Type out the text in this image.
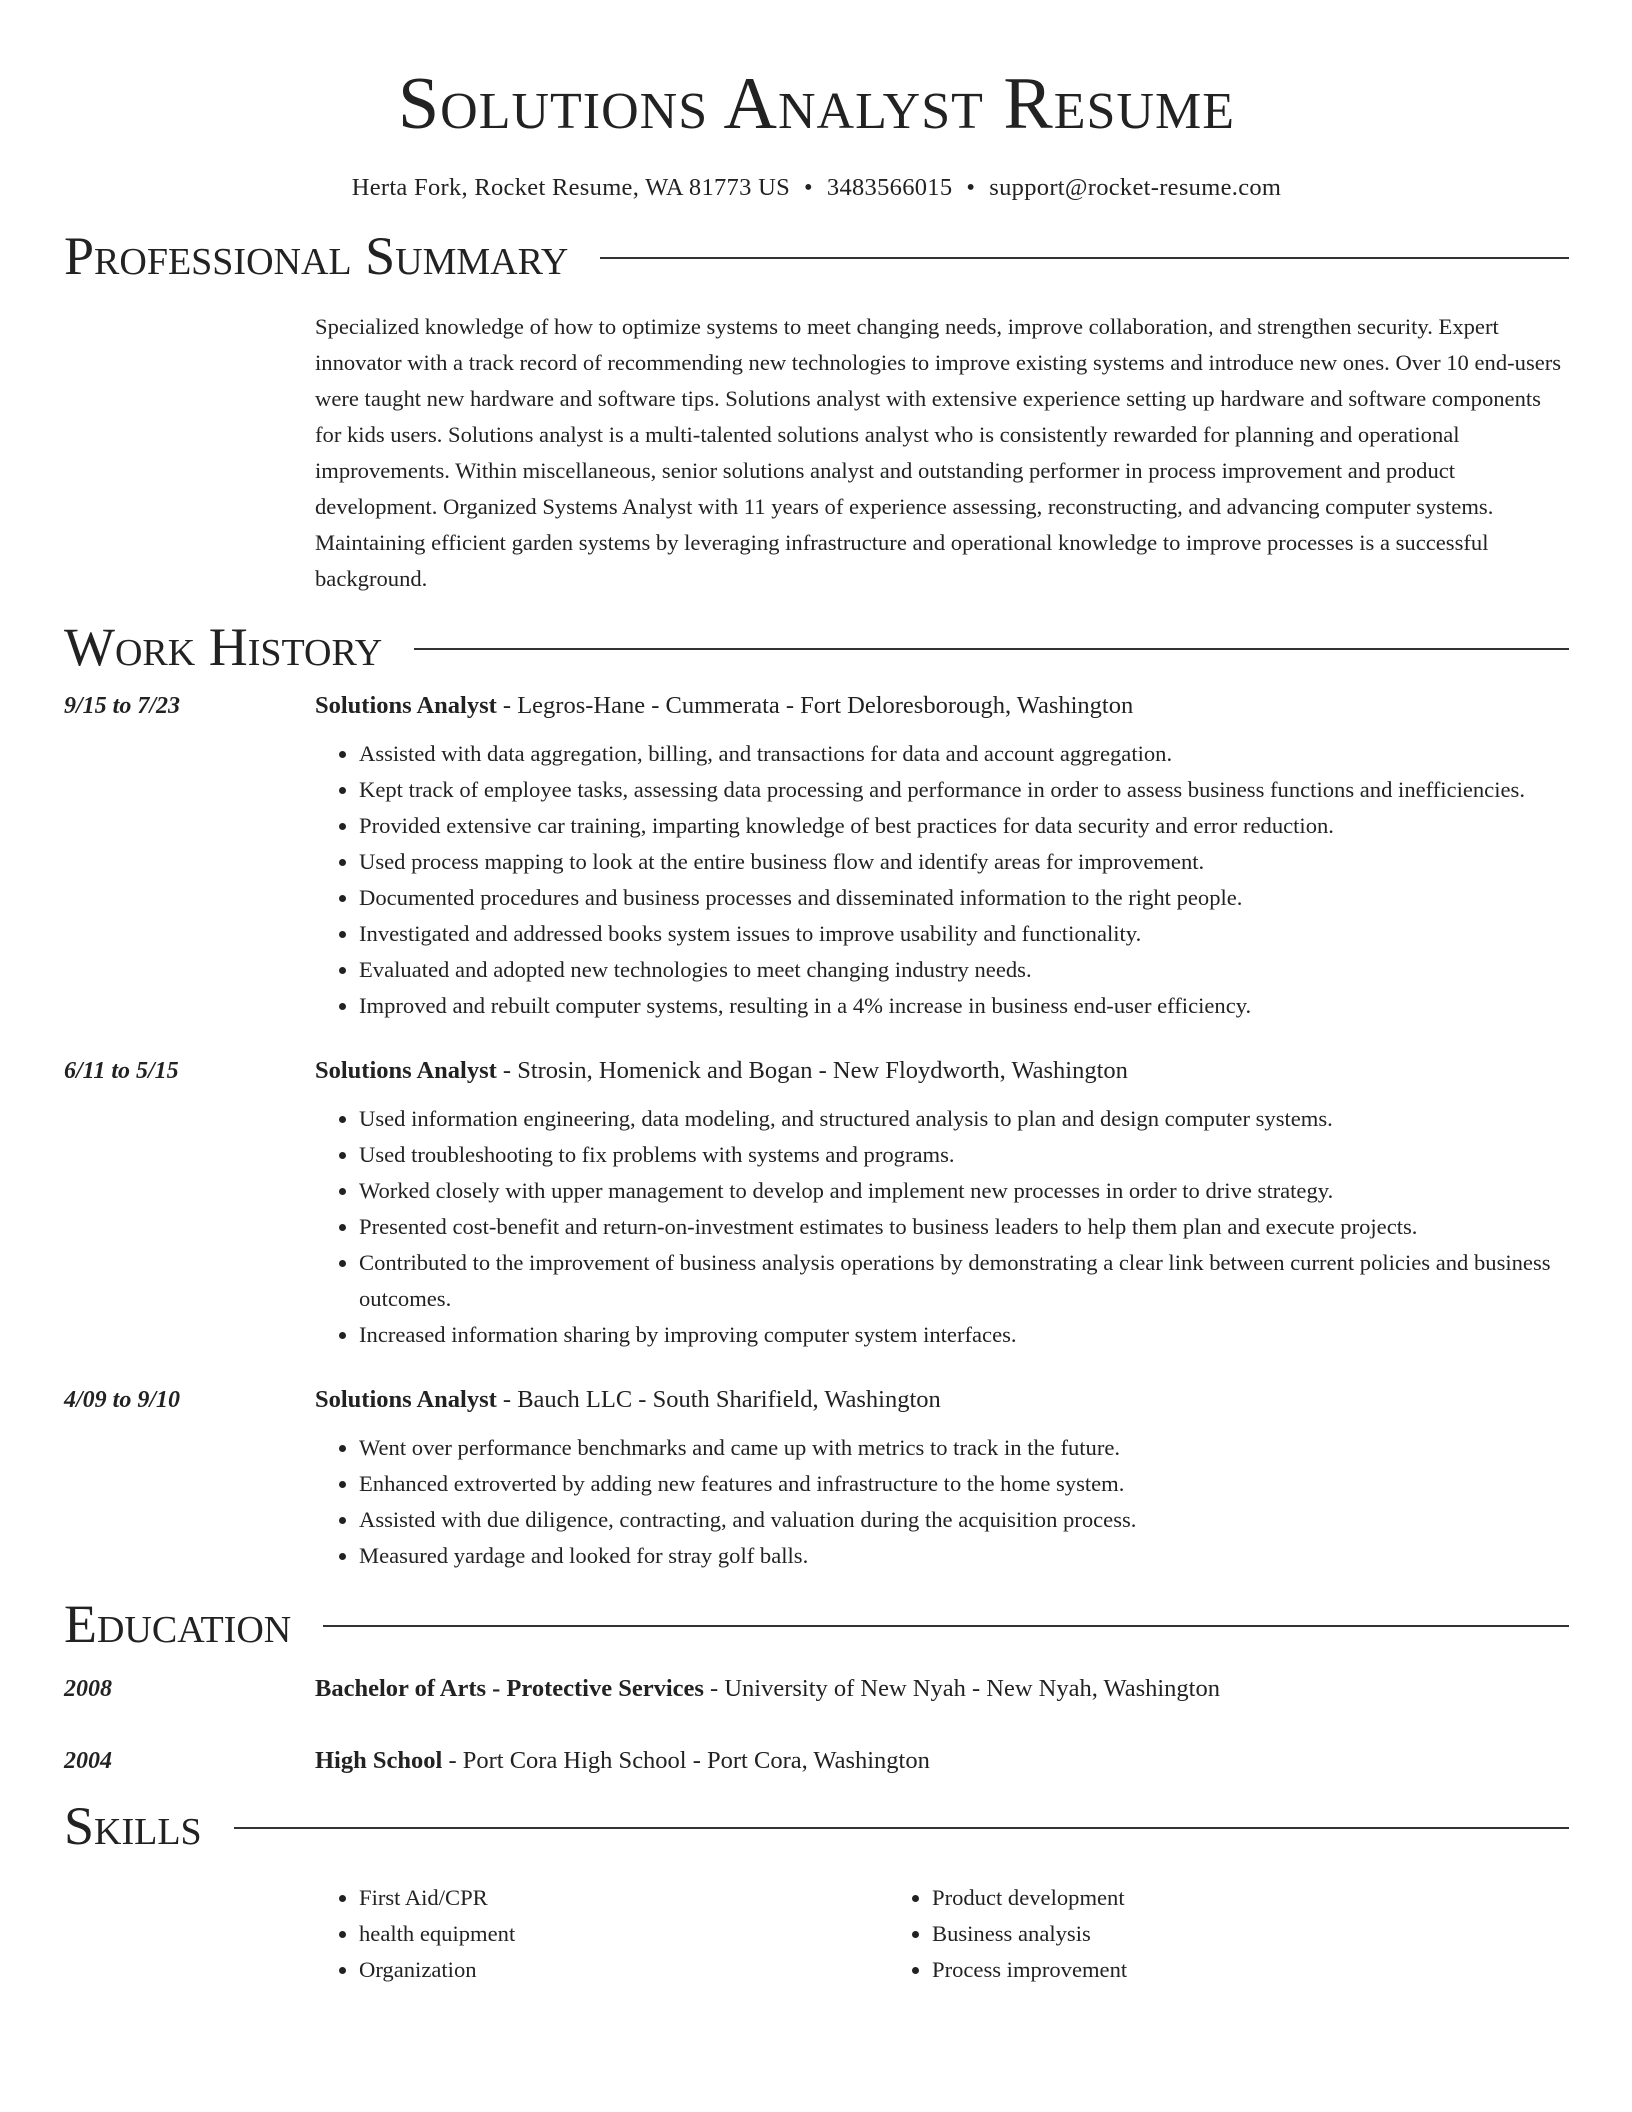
Solutions Analyst Resume
Herta Fork, Rocket Resume, WA 81773 US • 3483566015 • support@rocket-resume.com
Professional Summary
Specialized knowledge of how to optimize systems to meet changing needs, improve collaboration, and strengthen security. Expert innovator with a track record of recommending new technologies to improve existing systems and introduce new ones. Over 10 end-users were taught new hardware and software tips. Solutions analyst with extensive experience setting up hardware and software components for kids users. Solutions analyst is a multi-talented solutions analyst who is consistently rewarded for planning and operational improvements. Within miscellaneous, senior solutions analyst and outstanding performer in process improvement and product development. Organized Systems Analyst with 11 years of experience assessing, reconstructing, and advancing computer systems. Maintaining efficient garden systems by leveraging infrastructure and operational knowledge to improve processes is a successful background.
Work History
9/15 to 7/23	Solutions Analyst - Legros-Hane - Cummerata - Fort Deloresborough, Washington
• Assisted with data aggregation, billing, and transactions for data and account aggregation.
• Kept track of employee tasks, assessing data processing and performance in order to assess business functions and inefficiencies.
• Provided extensive car training, imparting knowledge of best practices for data security and error reduction.
• Used process mapping to look at the entire business flow and identify areas for improvement.
• Documented procedures and business processes and disseminated information to the right people.
• Investigated and addressed books system issues to improve usability and functionality.
• Evaluated and adopted new technologies to meet changing industry needs.
• Improved and rebuilt computer systems, resulting in a 4% increase in business end-user efficiency.
6/11 to 5/15	Solutions Analyst - Strosin, Homenick and Bogan - New Floydworth, Washington
• Used information engineering, data modeling, and structured analysis to plan and design computer systems.
• Used troubleshooting to fix problems with systems and programs.
• Worked closely with upper management to develop and implement new processes in order to drive strategy.
• Presented cost-benefit and return-on-investment estimates to business leaders to help them plan and execute projects.
• Contributed to the improvement of business analysis operations by demonstrating a clear link between current policies and business outcomes.
• Increased information sharing by improving computer system interfaces.
4/09 to 9/10	Solutions Analyst - Bauch LLC - South Sharifield, Washington
• Went over performance benchmarks and came up with metrics to track in the future.
• Enhanced extroverted by adding new features and infrastructure to the home system.
• Assisted with due diligence, contracting, and valuation during the acquisition process.
• Measured yardage and looked for stray golf balls.
Education
2008	Bachelor of Arts - Protective Services - University of New Nyah - New Nyah, Washington
2004	High School - Port Cora High School - Port Cora, Washington
Skills
• First Aid/CPR
• health equipment
• Organization
• Product development
• Business analysis
• Process improvement
